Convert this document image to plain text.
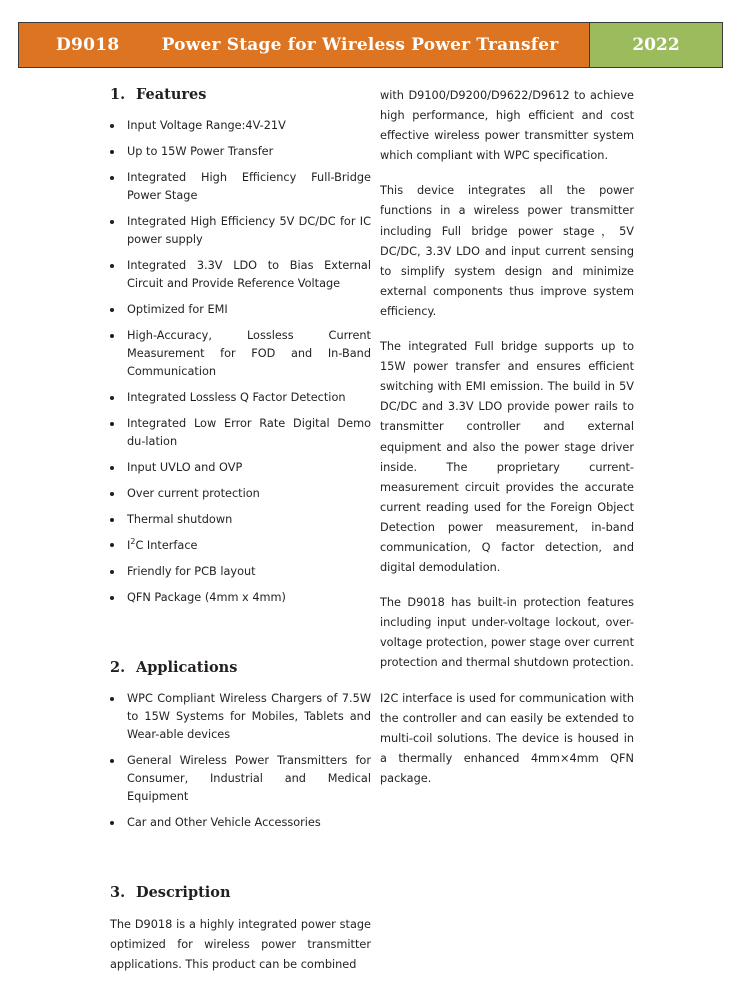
D9018 Power Stage for Wireless Power Transfer	2022
1. Features
Input Voltage Range:4V-21V
Up to 15W Power Transfer
Integrated High Efficiency Full-Bridge Power Stage
Integrated High Efficiency 5V DC/DC for IC power supply
Integrated 3.3V LDO to Bias External Circuit and Provide Reference Voltage
Optimized for EMI
High-Accuracy, Lossless Current Measurement for FOD and In-Band Communication
Integrated Lossless Q Factor Detection
Integrated Low Error Rate Digital Demo du-lation
Input UVLO and OVP
Over current protection
Thermal shutdown
$I^2C$ Interface
Friendly for PCB layout
QFN Package (4mm x 4mm)
2. Applications
WPC Compliant Wireless Chargers of 7.5W to 15W Systems for Mobiles, Tablets and Wear-able devices
General Wireless Power Transmitters for Consumer, Industrial and Medical Equipment
Car and Other Vehicle Accessories
3. Description

The D9018 is a highly integrated power stage optimized for wireless power transmitter applications. This product can be combined

with D9100/D9200/D9622/D9612 to achieve high performance, high efficient and cost effective wireless power transmitter system which compliant with WPC specification.

This device integrates all the power functions in a wireless power transmitter including Full bridge power stage，5V DC/DC, 3.3V LDO and input current sensing to simplify system design and minimize external components thus improve system efficiency.

The integrated Full bridge supports up to 15W power transfer and ensures efficient switching with EMI emission. The build in 5V DC/DC and 3.3V LDO provide power rails to transmitter controller and external equipment and also the power stage driver inside. The proprietary current-measurement circuit provides the accurate current reading used for the Foreign Object Detection power measurement, in-band communication, Q factor detection, and digital demodulation.

The D9018 has built-in protection features including input under-voltage lockout, over-voltage protection, power stage over current protection and thermal shutdown protection.

I2C interface is used for communication with the controller and can easily be extended to multi-coil solutions. The device is housed in a thermally enhanced 4mm×4mm QFN package.
